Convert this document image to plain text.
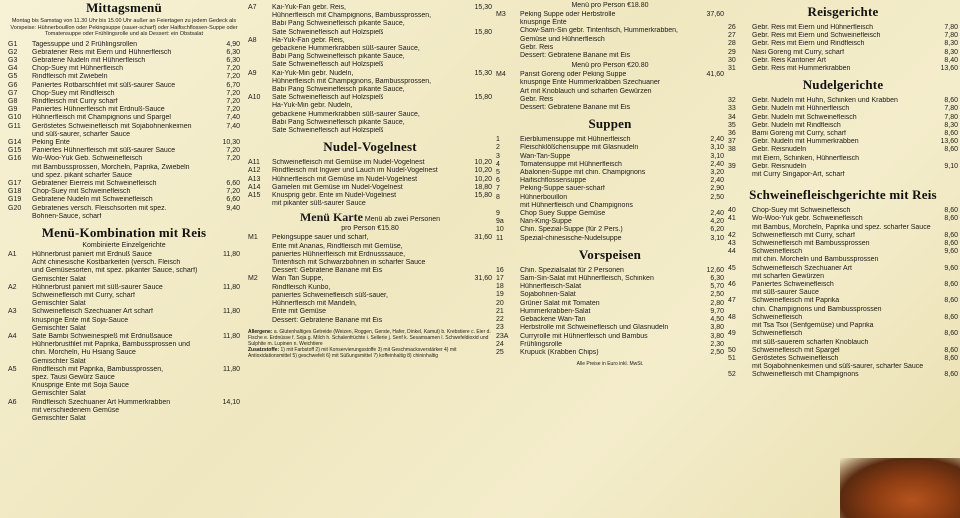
Mittagsmenü
Montag bis Samstag von 11.30 Uhr bis 15.00 Uhr außer an Feiertagen zu jedem Gedeck als Vorspeise: Hühnerbouillon oder Pekingsuppe (sauer-scharf) oder Haifischflossen-Suppe oder Tomatensuppe oder Frühlingsrolle und als Dessert: ein Obstsalat
G1	Tagessuppe und 2 Frühlingsrollen	4,90
G2	Gebratener Reis mit Eiern und Hühnerfleisch	6,30
G3	Gebratene Nudeln mit Hühnerfleisch	6,30
G4	Chop-Suey mit Hühnerfleisch	7,20
G5	Rindfleisch mit Zwiebeln	7,20
G6	Paniertes Rotbarschfilet mit süß-saurer Sauce	6,70
G7	Chop-Suey mit Rindfleisch	7,20
G8	Rindfleisch mit Curry scharf	7,20
G9	Paniertes Hühnerfleisch mit Erdnuß-Sauce	7,20
G10	Hühnerfleisch mit Champignons und Spargel	7,40
G11	Geröstetes Schweinefleisch mit Sojabohnenkeimen	7,40
und süß-saurer, scharfer Sauce
G14	Peking Ente	10,30
G15	Paniertes Hühnerfleisch mit süß-saurer Sauce	7,20
G16	Wo-Woo-Yuk Geb. Schweinefleisch	7,20
mit Bambussprossen, Morcheln, Paprika, Zwiebeln
und spez. pikant scharfer Sauce
G17	Gebratener Eierreis mit Schweinefleisch	6,60
G18	Chop-Suey mit Schweinefleisch	7,20
G19	Gebratene Nudeln mit Schweinefleisch	6,60
G20	Gebratenes versch. Fleischsorten mit spez.	9,40
Bohnen-Sauce, scharf
Menü-Kombination mit Reis
Kombinierte Einzelgerichte
A1	Hühnerbrust paniert mit Erdnuß Sauce	11,80
Acht chinesische Kostbarkeiten (versch. Fleisch
und Gemüsesorten, mit spez. pikanter Sauce, scharf)
Gemischter Salat
A2	Hühnerbrust paniert mit süß-saurer Sauce	11,80
Schweinefleisch mit Curry, scharf
Gemischter Salat
A3	Schweinefleisch Szechuaner Art scharf	11,80
knusprige Ente mit Soja-Sauce
Gemischter Salat
A4	Sate Bambi Schweinespieß mit Erdnußsauce	11,80
Hühnerbrustfilet mit Paprika, Bambussprossen und
chin. Morcheln, Hu Hsiang Sauce
Gemischter Salat
A5	Rindfleisch mit Paprika, Bambussprossen,	11,80
spez. Tausi Gewürz Sauce
Knusprige Ente mit Soja Sauce
Gemischter Salat
A6	Rindfleisch Szechuaner Art Hummerkrabben	14,10
mit verschiedenem Gemüse
Gemischter Salat
A7	Kai-Yuk-Fan gebr. Reis,	15,30
Hühnerfleisch mit Champignons, Bambussprossen,
Babi Pang Schweinefleisch pikante Sauce,
Sate Schweinefleisch auf Holzspieß	15,80
A8	Ha-Yuk-Fan gebr. Reis,
gebackene Hummerkrabben süß-saurer Sauce,
Babi Pang Schweinefleisch pikante Sauce,
Sate Schweinefleisch auf Holzspieß
A9	Kai-Yuk-Min gebr. Nudeln,	15,30
Hühnerfleisch mit Champignons, Bambussprossen,
Babi Pang Schweinefleisch pikante Sauce,
A10	Sate Schweinefleisch auf Holzspieß	15,80
Ha-Yuk-Min gebr. Nudeln,
gebackene Hummerkrabben süß-saurer Sauce,
Babi Pang Schweinefleisch pikante Sauce,
Sate Schweinefleisch auf Holzspieß
Nudel-Vogelnest
A11	Schweinefleisch mit Gemüse im Nudel-Vogelnest	10,20
A12	Rindfleisch mit Ingwer und Lauch im Nudel-Vogelnest	10,20
A13	Hühnerfleisch mit Gemüse im Nudel-Vogelnest	10,20
A14	Gamelen mit Gemüse im Nudel-Vogelnest	18,80
A15	Knusprig gebr. Ente im Nudel-Vogelnest	15,80
mit pikanter süß-saurer Sauce
Menü Karte Menü ab zwei Personen
pro Person €15.80
M1	Pekingsuppe sauer und scharf,	31,60
Ente mit Ananas, Rindfleisch mit Gemüse,
paniertes Hühnerfleisch mit Erdnusssauce,
Tintenfisch mit Schwarzbohnen in scharfer Sauce
Dessert: Gebratene Banane mit Eis
M2	Wan Tan Suppe,	31,60
Rindfleisch Kunbo,
paniertes Schweinefleisch süß-sauer,
Hühnerfleisch mit Mandeln,
Ente mit Gemüse
Dessert: Gebratene Banane mit Eis
Allergene: a. Glutenhaltiges Getreide (Weizen, Roggen, Gerste, Hafer, Dinkel, Kamut) b. Krebstiere c. Eier d. Fische e. Erdnüsse f. Soja g. Milch h. Schalenfrüchte i. Sellerie j. Senf k. Sesamsamen l. Schwefeldioxid und Sulphite m. Lupinen n. Weichtiere
Zusatzstoffe: 1) mit Farbstoff 2) mit Konservierungsstoffe 3) mit Geschmacksverstärker 4) mit Antioxidationsmittel 5) geschwefelt 6) mit Süßungsmittel 7) koffeinhaltig 8) chininhaltig
Menü pro Person €18.80
M3	Peking Suppe oder Herbstrolle	37,60
knusprige Ente
Chow-Sam-Sin gebr. Tintenfisch, Hummerkrabben,
Gemüse und Hühnerfleisch
Gebr. Reis
Dessert: Gebratene Banane mit Eis
Menü pro Person €20.80
M4	Pansit Goreng oder Peking Suppe	41,60
knusprige Ente Hummerkrabben Szechuaner
Art mit Knoblauch und scharfen Gewürzen
Gebr. Reis
Dessert: Gebratene Banane mit Eis
Suppen
1	Eierblumensuppe mit Hühnerfleisch	2,40
2	Fleischklößchensuppe mit Glasnudeln	3,10
3	Wan-Tan-Suppe	3,10
4	Tomatensuppe mit Hühnerfleisch	2,40
5	Abalonen-Suppe mit chin. Champignons	3,20
6	Haifischflossensuppe	2,40
7	Peking-Suppe sauer-scharf	2,90
8	Hühnerbouillon	2,50
mit Hühnerfleisch und Champignons
9	Chop Suey Suppe Gemüse	2,40
9a	Nan-King-Suppe	4,20
10	Chin. Spezial-Suppe (für 2 Pers.)	6,20
11	Spezial-chinesische-Nudelsuppe	3,10
Vorspeisen
16	Chin. Spezialsalat für 2 Personen	12,60
17	Sam-Sin-Salat mit Hühnerfleisch, Schinken	6,30
18	Hühnerfleisch-Salat	5,70
19	Sojabohnen-Salat	2,50
20	Grüner Salat mit Tomaten	2,80
21	Hummerkrabben-Salat	9,70
22	Gebackene Wan-Tan	4,50
23	Herbstrolle mit Schweinefleisch und Glasnudeln	3,80
23A	Curryrolle mit Hühnerfleisch und Bambus	3,80
24	Frühlingsrolle	2,30
25	Krupuck (Krabben Chips)	2,50
Alle Preise in Euro inkl. MwSt.
Reisgerichte
26	Gebr. Reis mit Eiern und Hühnerfleisch	7,80
27	Gebr. Reis mit Eiern und Schweinefleisch	7,80
28	Gebr. Reis mit Eiern und Rindfleisch	8,30
29	Nasi Goreng mit Curry, scharf	8,30
30	Gebr. Reis Kantoner Art	8,40
31	Gebr. Reis mit Hummerkrabben	13,60
Nudelgerichte
32	Gebr. Nudeln mit Huhn, Schinken und Krabben	8,60
33	Gebr. Nudeln mit Hühnerfleisch	7,80
34	Gebr. Nudeln mit Schweinefleisch	7,80
35	Gebr. Nudeln mit Rindfleisch	8,30
36	Bami Goreng mit Curry, scharf	8,60
37	Gebr. Nudeln mit Hummerkrabben	13,60
38	Gebr. Reisnudeln	8,60
mit Eiern, Schinken, Hühnerfleisch
39	Gebr. Reisnudeln	9,10
mit Curry Singapor-Art, scharf
Schweinefleischgerichte mit Reis
40	Chop-Suey mit Schweinefleisch	8,60
41	Wo-Woo-Yuk gebr. Schweinefleisch	8,60
mit Bambus, Morcheln, Paprika und spez. scharfer Sauce
42	Schweinefleisch mit Curry, scharf	8,60
43	Schweinefleisch mit Bambussprossen	8,60
44	Schweinefleisch	9,60
mit chin. Morcheln und Bambussprossen
45	Schweinefleisch Szechuaner Art	9,60
mit scharfen Gewürzen
46	Paniertes Schweinefleisch	8,60
mit süß-saurer Sauce
47	Schweinefleisch mit Paprika	8,60
chin. Champignons und Bambussprossen
48	Schweinefleisch	8,60
mit Tsa Tsoi (Senfgemüse) und Paprika
49	Schweinefleisch	8,60
mit süß-sauerem scharfen Knoblauch
50	Schweinefleisch mit Spargel	8,60
51	Geröstetes Schweinefleisch	8,60
mit Sojabohnenkeimen und süß-saurer, scharfer Sauce
52	Schweinefleisch mit Champignons	8,60
